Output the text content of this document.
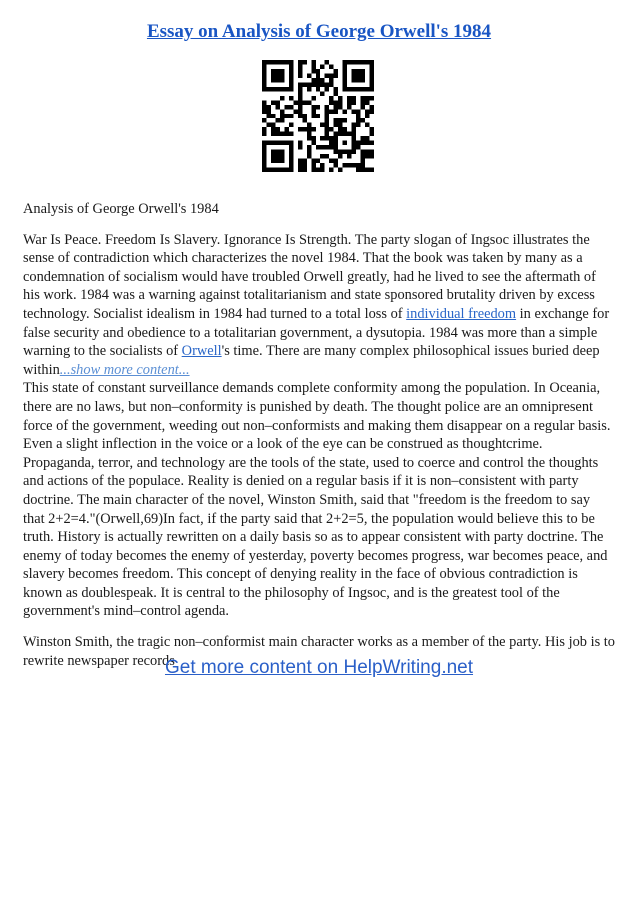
Essay on Analysis of George Orwell's 1984

Analysis of George Orwell's 1984

War Is Peace. Freedom Is Slavery. Ignorance Is Strength. The party slogan of Ingsoc illustrates the sense of contradiction which characterizes the novel 1984. That the book was taken by many as a condemnation of socialism would have troubled Orwell greatly, had he lived to see the aftermath of his work. 1984 was a warning against totalitarianism and state sponsored brutality driven by excess technology. Socialist idealism in 1984 had turned to a total loss of individual freedom in exchange for false security and obedience to a totalitarian government, a dysutopia. 1984 was more than a simple warning to the socialists of Orwell's time. There are many complex philosophical issues buried deep within...show more content...

This state of constant surveillance demands complete conformity among the population. In Oceania, there are no laws, but non–conformity is punished by death. The thought police are an omnipresent force of the government, weeding out non–conformists and making them disappear on a regular basis. Even a slight inflection in the voice or a look of the eye can be construed as thoughtcrime. Propaganda, terror, and technology are the tools of the state, used to coerce and control the thoughts and actions of the populace. Reality is denied on a regular basis if it is non–consistent with party doctrine. The main character of the novel, Winston Smith, said that "freedom is the freedom to say that 2+2=4."(Orwell,69)In fact, if the party said that 2+2=5, the population would believe this to be truth. History is actually rewritten on a daily basis so as to appear consistent with party doctrine. The enemy of today becomes the enemy of yesterday, poverty becomes progress, war becomes peace, and slavery becomes freedom. This concept of denying reality in the face of obvious contradiction is known as doublespeak. It is central to the philosophy of Ingsoc, and is the greatest tool of the government's mind–control agenda.

Winston Smith, the tragic non–conformist main character works as a member of the party. His job is to rewrite newspaper records

Get more content on HelpWriting.net
